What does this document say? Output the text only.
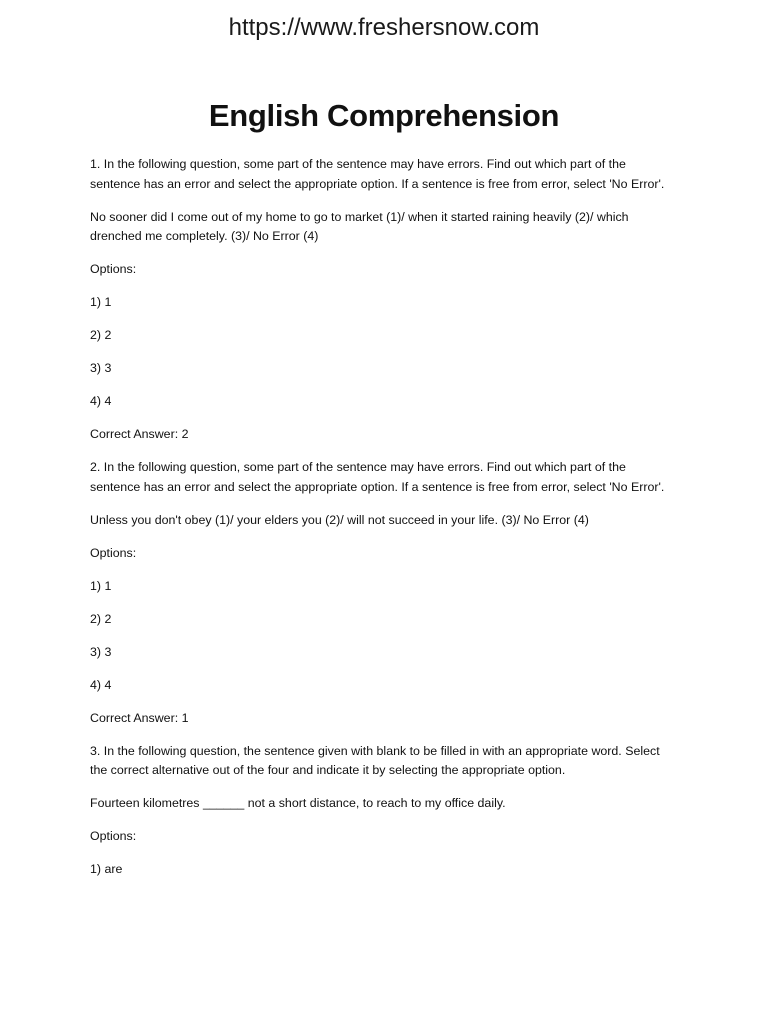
https://www.freshersnow.com
English Comprehension

1. In the following question, some part of the sentence may have errors. Find out which part of the sentence has an error and select the appropriate option. If a sentence is free from error, select 'No Error'.

No sooner did I come out of my home to go to market (1)/ when it started raining heavily (2)/ which drenched me completely. (3)/ No Error (4)

Options:

1) 1

2) 2

3) 3

4) 4

Correct Answer: 2

2. In the following question, some part of the sentence may have errors. Find out which part of the sentence has an error and select the appropriate option. If a sentence is free from error, select 'No Error'.

Unless you don't obey (1)/ your elders you (2)/ will not succeed in your life. (3)/ No Error (4)

Options:

1) 1

2) 2

3) 3

4) 4

Correct Answer: 1

3. In the following question, the sentence given with blank to be filled in with an appropriate word. Select the correct alternative out of the four and indicate it by selecting the appropriate option.

Fourteen kilometres ______ not a short distance, to reach to my office daily.

Options:

1) are
